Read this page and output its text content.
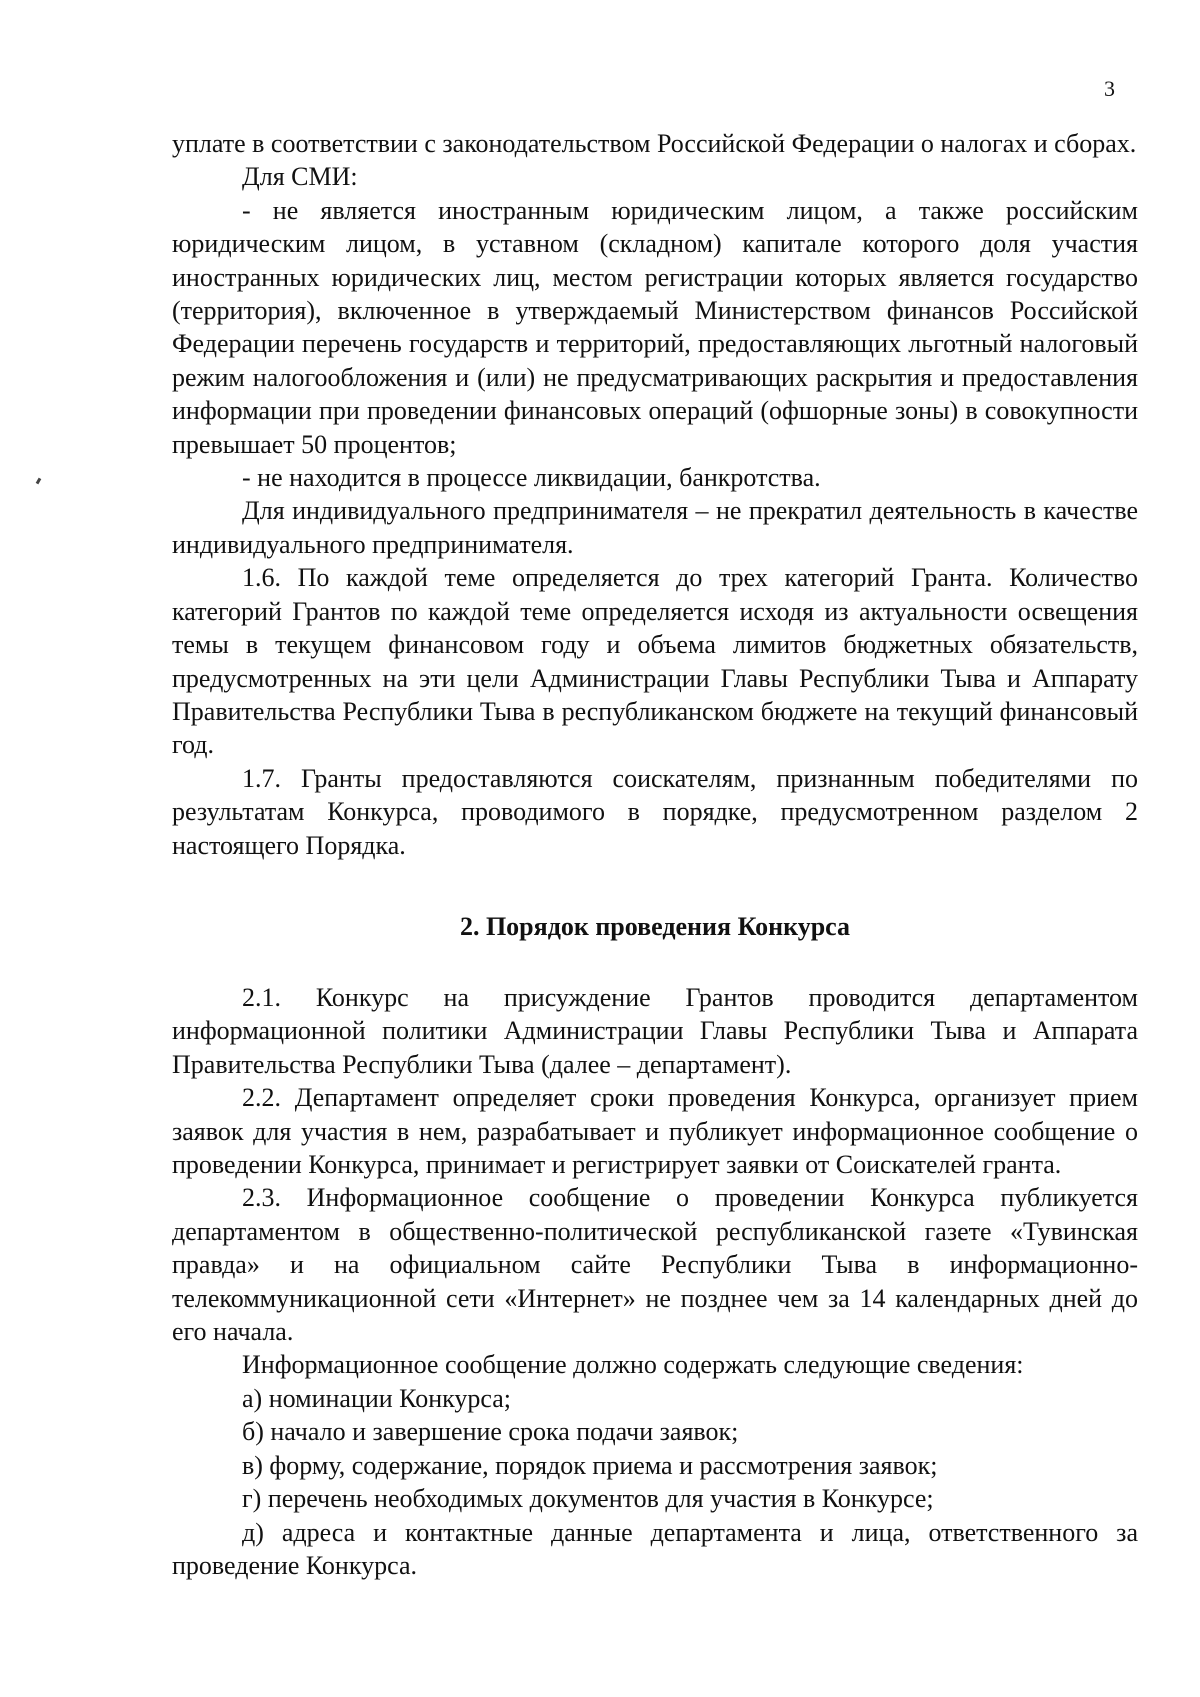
3

уплате в соответствии с законодательством Российской Федерации о налогах и сборах.

Для СМИ:

- не является иностранным юридическим лицом, а также российским юридическим лицом, в уставном (складном) капитале которого доля участия иностранных юридических лиц, местом регистрации которых является государство (территория), включенное в утверждаемый Министерством финансов Российской Федерации перечень государств и территорий, предоставляющих льготный налоговый режим налогообложения и (или) не предусматривающих раскрытия и предоставления информации при проведении финансовых операций (офшорные зоны) в совокупности превышает 50 процентов;

- не находится в процессе ликвидации, банкротства.

Для индивидуального предпринимателя – не прекратил деятельность в качестве индивидуального предпринимателя.

1.6. По каждой теме определяется до трех категорий Гранта. Количество категорий Грантов по каждой теме определяется исходя из актуальности освещения темы в текущем финансовом году и объема лимитов бюджетных обязательств, предусмотренных на эти цели Администрации Главы Республики Тыва и Аппарату Правительства Республики Тыва в республиканском бюджете на текущий финансовый год.

1.7. Гранты предоставляются соискателям, признанным победителями по результатам Конкурса, проводимого в порядке, предусмотренном разделом 2 настоящего Порядка.

2. Порядок проведения Конкурса

2.1. Конкурс на присуждение Грантов проводится департаментом информационной политики Администрации Главы Республики Тыва и Аппарата Правительства Республики Тыва (далее – департамент).

2.2. Департамент определяет сроки проведения Конкурса, организует прием заявок для участия в нем, разрабатывает и публикует информационное сообщение о проведении Конкурса, принимает и регистрирует заявки от Соискателей гранта.

2.3. Информационное сообщение о проведении Конкурса публикуется департаментом в общественно-политической республиканской газете «Тувинская правда» и на официальном сайте Республики Тыва в информационно-телекоммуникационной сети «Интернет» не позднее чем за 14 календарных дней до его начала.

Информационное сообщение должно содержать следующие сведения:

а) номинации Конкурса;

б) начало и завершение срока подачи заявок;

в) форму, содержание, порядок приема и рассмотрения заявок;

г) перечень необходимых документов для участия в Конкурсе;

д) адреса и контактные данные департамента и лица, ответственного за проведение Конкурса.
